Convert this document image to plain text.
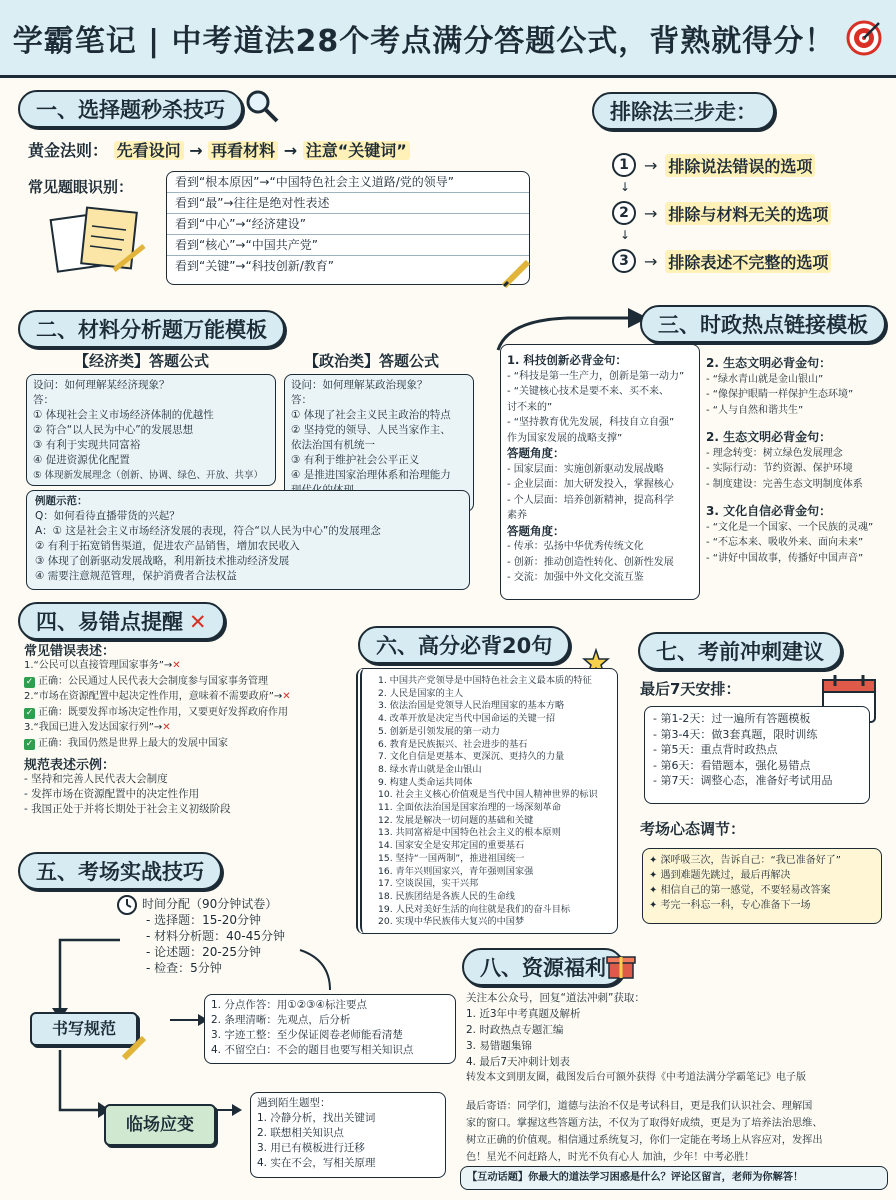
学霸笔记 | 中考道法28个考点满分答题公式，背熟就得分！
一、选择题秒杀技巧
黄金法则： 先看设问 → 再看材料 → 注意“关键词”
常见题眼识别：	看到“根本原因”→“中国特色社会主义道路/党的领导”
看到“最”→往往是绝对性表述
看到“中心”→“经济建设”
看到“核心”→“中国共产党”
看到“关键”→“科技创新/教育”
排除法三步走：
1 → 排除说法错误的选项
↓
2 → 排除与材料无关的选项
↓
3 → 排除表述不完整的选项
二、材料分析题万能模板
【经济类】答题公式	【政治类】答题公式
设问：如何理解某经济现象？
答：
① 体现社会主义市场经济体制的优越性
② 符合“以人民为中心”的发展思想
③ 有利于实现共同富裕
④ 促进资源优化配置
⑤ 体现新发展理念（创新、协调、绿色、开放、共享）
设问：如何理解某政治现象？
答：
① 体现了社会主义民主政治的特点
② 坚持党的领导、人民当家作主、
依法治国有机统一
③ 有利于维护社会公平正义
④ 是推进国家治理体系和治理能力
例题示范：
Q：如何看待直播带货的兴起？
A：① 这是社会主义市场经济发展的表现，符合“以人民为中心”的发展理念
② 有利于拓宽销售渠道，促进农产品销售，增加农民收入
③ 体现了创新驱动发展战略，利用新技术推动经济发展
④ 需要注意规范管理，保护消费者合法权益
三、时政热点链接模板
1. 科技创新必背金句：
- “科技是第一生产力，创新是第一动力”
- “关键核心技术是要不来、买不来、
讨不来的”
- “坚持教育优先发展，科技自立自强”
作为国家发展的战略支撑”
答题角度：
- 国家层面：实施创新驱动发展战略
- 企业层面：加大研发投入，掌握核心
- 个人层面：培养创新精神，提高科学
素养
答题角度：
- 传承：弘扬中华优秀传统文化
- 创新：推动创造性转化、创新性发展
- 交流：加强中外文化交流互鉴
2. 生态文明必背金句：
- “绿水青山就是金山银山”
- “像保护眼睛一样保护生态环境”
- “人与自然和谐共生”
2. 生态文明必背金句：
- 理念转变：树立绿色发展理念
- 实际行动：节约资源、保护环境
- 制度建设：完善生态文明制度体系
3. 文化自信必背金句：
- “文化是一个国家、一个民族的灵魂”
- “不忘本来、吸收外来、面向未来”
- “讲好中国故事，传播好中国声音”
四、易错点提醒 ✕
常见错误表述：
1.“公民可以直接管理国家事务”→✕
✓ 正确：公民通过人民代表大会制度参与国家事务管理
2.“市场在资源配置中起决定性作用，意味着不需要政府”→✕
✓ 正确：既要发挥市场决定性作用，又要更好发挥政府作用
3.“我国已进入发达国家行列”→✕
✓ 正确：我国仍然是世界上最大的发展中国家
规范表述示例：
- 坚持和完善人民代表大会制度
- 发挥市场在资源配置中的决定性作用
- 我国正处于并将长期处于社会主义初级阶段
六、高分必背20句
1. 中国共产党领导是中国特色社会主义最本质的特征
2. 人民是国家的主人
3. 依法治国是党领导人民治理国家的基本方略
4. 改革开放是决定当代中国命运的关键一招
5. 创新是引领发展的第一动力
6. 教育是民族振兴、社会进步的基石
7. 文化自信是更基本、更深沉、更持久的力量
8. 绿水青山就是金山银山
9. 构建人类命运共同体
10. 社会主义核心价值观是当代中国人精神世界的标识
11. 全面依法治国是国家治理的一场深刻革命
12. 发展是解决一切问题的基础和关键
13. 共同富裕是中国特色社会主义的根本原则
14. 国家安全是安邦定国的重要基石
15. 坚持“一国两制”，推进祖国统一
16. 青年兴则国家兴，青年强则国家强
17. 空谈误国，实干兴邦
18. 民族团结是各族人民的生命线
19. 人民对美好生活的向往就是我们的奋斗目标
20. 实现中华民族伟大复兴的中国梦
七、考前冲刺建议
最后7天安排：
- 第1-2天：过一遍所有答题模板
- 第3-4天：做3套真题，限时训练
- 第5天：重点背时政热点
- 第6天：看错题本，强化易错点
- 第7天：调整心态，准备好考试用品
考场心态调节：
✦ 深呼吸三次，告诉自己：“我已准备好了”
✦ 遇到难题先跳过，最后再解决
✦ 相信自己的第一感觉，不要轻易改答案
✦ 考完一科忘一科，专心准备下一场
五、考场实战技巧
时间分配（90分钟试卷）
- 选择题：15-20分钟
- 材料分析题：40-45分钟
- 论述题：20-25分钟
- 检查：5分钟
书写规范
1. 分点作答：用①②③④标注要点
2. 条理清晰：先观点，后分析
3. 字迹工整：至少保证阅卷老师能看清楚
4. 不留空白：不会的题目也要写相关知识点
临场应变
遇到陌生题型：
1. 冷静分析，找出关键词
2. 联想相关知识点
3. 用已有模板进行迁移
4. 实在不会，写相关原理
八、资源福利
关注本公众号，回复“道法冲刺”获取：
1. 近3年中考真题及解析
2. 时政热点专题汇编
3. 易错题集锦
4. 最后7天冲刺计划表
转发本文到朋友圈，截图发后台可额外获得《中考道法满分学霸笔记》电子版
最后寄语：同学们，道德与法治不仅是考试科目，更是我们认识社会、理解国
家的窗口。掌握这些答题方法，不仅为了取得好成绩，更是为了培养法治思维、
树立正确的价值观。相信通过系统复习，你们一定能在考场上从容应对，发挥出
色！星光不问赶路人，时光不负有心人 加油，少年！中考必胜！
【互动话题】你最大的道法学习困惑是什么？评论区留言，老师为你解答！
